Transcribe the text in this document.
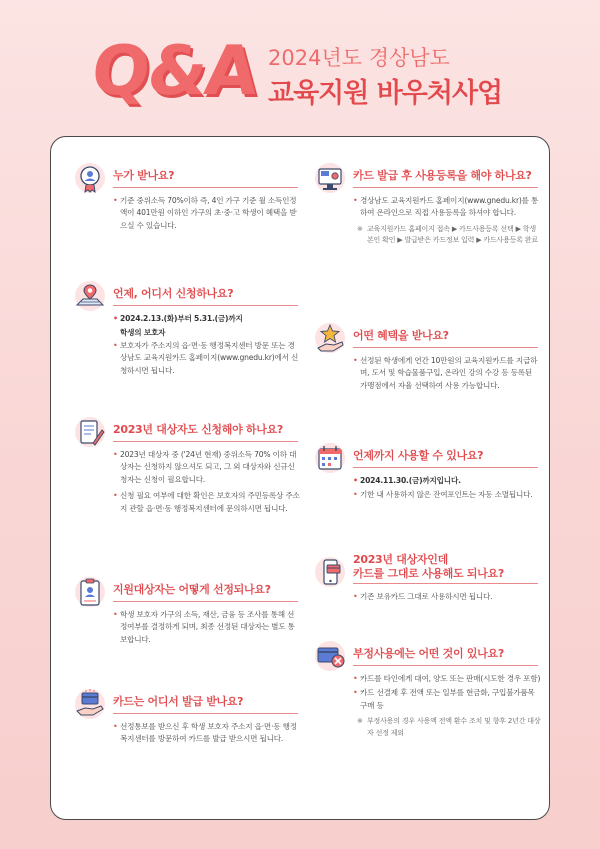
Q&A 2024년도 경상남도
교육지원 바우처사업
누가 받나요?
• 기준 중위소득 70%이하 즉, 4인 가구 기준 월 소득인정액이 401만원 이하인 가구의 초·중·고 학생이 혜택을 받으실 수 있습니다.
언제, 어디서 신청하나요?
• 2024.2.13.(화)부터 5.31.(금)까지
학생의 보호자
• 보호자가 주소지의 읍·면·동 행정복지센터 방문 또는 경상남도 교육지원카드 홈페이지(www.gnedu.kr)에서 신청하시면 됩니다.
2023년 대상자도 신청해야 하나요?
• 2023년 대상자 중 ('24년 현재) 중위소득 70% 이하 대상자는 신청하지 않으셔도 되고, 그 외 대상자와 신규신청자는 신청이 필요합니다.
• 신청 필요 여부에 대한 확인은 보호자의 주민등록상 주소지 관할 읍·면·동 행정복지센터에 문의하시면 됩니다.
지원대상자는 어떻게 선정되나요?
• 학생 보호자 가구의 소득, 재산, 금융 등 조사를 통해 선정여부를 결정하게 되며, 최종 선정된 대상자는 별도 통보합니다.
카드는 어디서 발급 받나요?
• 선정통보를 받으신 후 학생 보호자 주소지 읍·면·동 행정복지센터를 방문하여 카드를 발급 받으시면 됩니다.
카드 발급 후 사용등록을 해야 하나요?
• 경상남도 교육지원카드 홈페이지(www.gnedu.kr)를 통하여 온라인으로 직접 사용등록을 하셔야 합니다.
※ 교육지원카드 홈페이지 접속 ▶ 카드사용등록 선택 ▶ 학생 본인 확인 ▶ 발급받은 카드정보 입력 ▶ 카드사용등록 완료
어떤 혜택을 받나요?
• 선정된 학생에게 연간 10만원의 교육지원카드를 지급하며, 도서 및 학습물품구입, 온라인 강의 수강 등 등록된 가맹점에서 자율 선택하여 사용 가능합니다.
언제까지 사용할 수 있나요?
• 2024.11.30.(금)까지입니다.
• 기한 내 사용하지 않은 잔여포인트는 자동 소멸됩니다.
2023년 대상자인데
카드를 그대로 사용해도 되나요?
• 기존 보유카드 그대로 사용하시면 됩니다.
부정사용에는 어떤 것이 있나요?
• 카드를 타인에게 대여, 양도 또는 판매(시도한 경우 포함)
• 카드 선결제 후 전액 또는 일부를 현금화, 구입불가품목 구매 등
※ 부정사용의 경우 사용액 전액 환수 조치 및 향후 2년간 대상자 선정 제외
